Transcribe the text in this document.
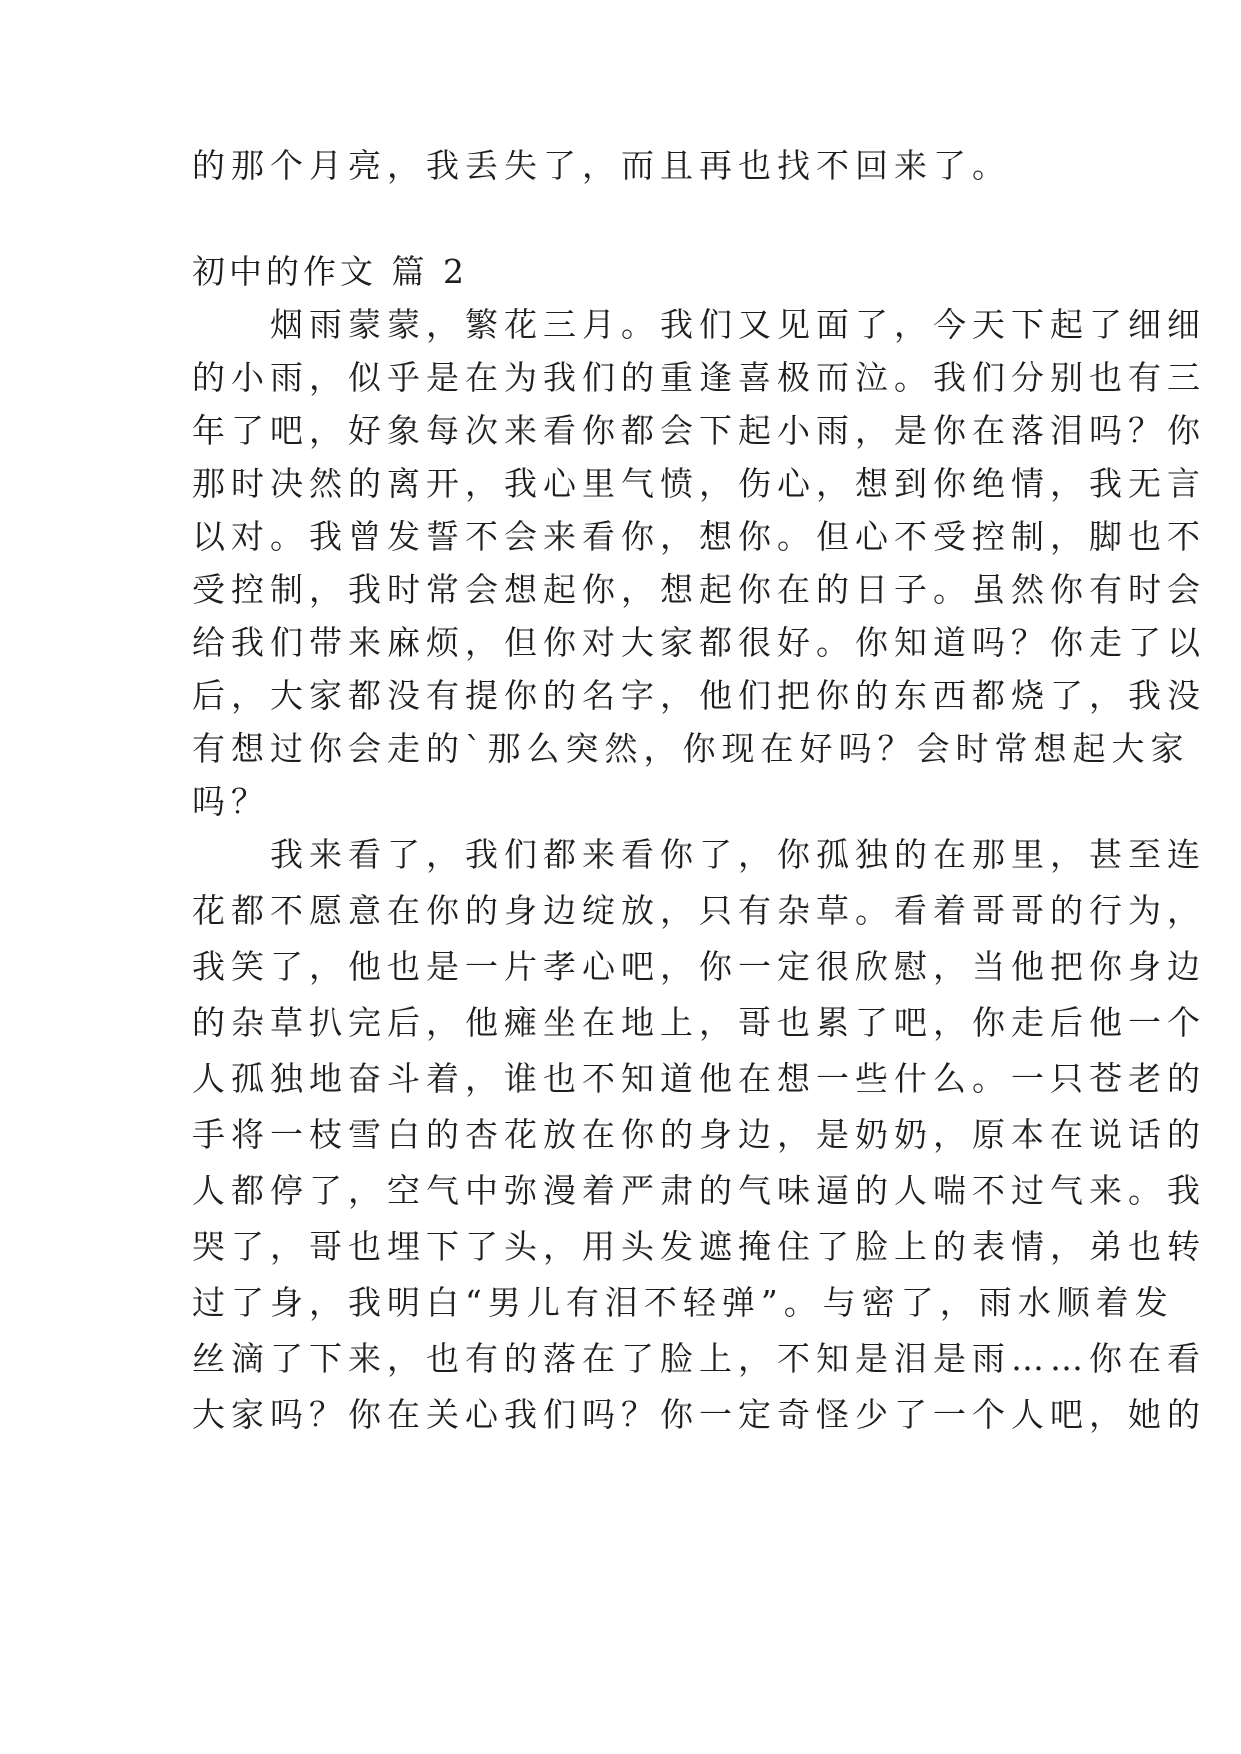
的那个月亮，我丢失了，而且再也找不回来了。
初中的作文 篇 2
　　烟雨蒙蒙，繁花三月。我们又见面了，今天下起了细细
的小雨，似乎是在为我们的重逢喜极而泣。我们分别也有三
年了吧，好象每次来看你都会下起小雨，是你在落泪吗？你
那时决然的离开，我心里气愤，伤心，想到你绝情，我无言
以对。我曾发誓不会来看你，想你。但心不受控制，脚也不
受控制，我时常会想起你，想起你在的日子。虽然你有时会
给我们带来麻烦，但你对大家都很好。你知道吗？你走了以
后，大家都没有提你的名字，他们把你的东西都烧了，我没
有想过你会走的`那么突然，你现在好吗？会时常想起大家
吗？
　　我来看了，我们都来看你了，你孤独的在那里，甚至连
花都不愿意在你的身边绽放，只有杂草。看着哥哥的行为，
我笑了，他也是一片孝心吧，你一定很欣慰，当他把你身边
的杂草扒完后，他瘫坐在地上，哥也累了吧，你走后他一个
人孤独地奋斗着，谁也不知道他在想一些什么。一只苍老的
手将一枝雪白的杏花放在你的身边，是奶奶，原本在说话的
人都停了，空气中弥漫着严肃的气味逼的人喘不过气来。我
哭了，哥也埋下了头，用头发遮掩住了脸上的表情，弟也转
过了身，我明白“男儿有泪不轻弹”。与密了，雨水顺着发
丝滴了下来，也有的落在了脸上，不知是泪是雨……你在看
大家吗？你在关心我们吗？你一定奇怪少了一个人吧，她的
